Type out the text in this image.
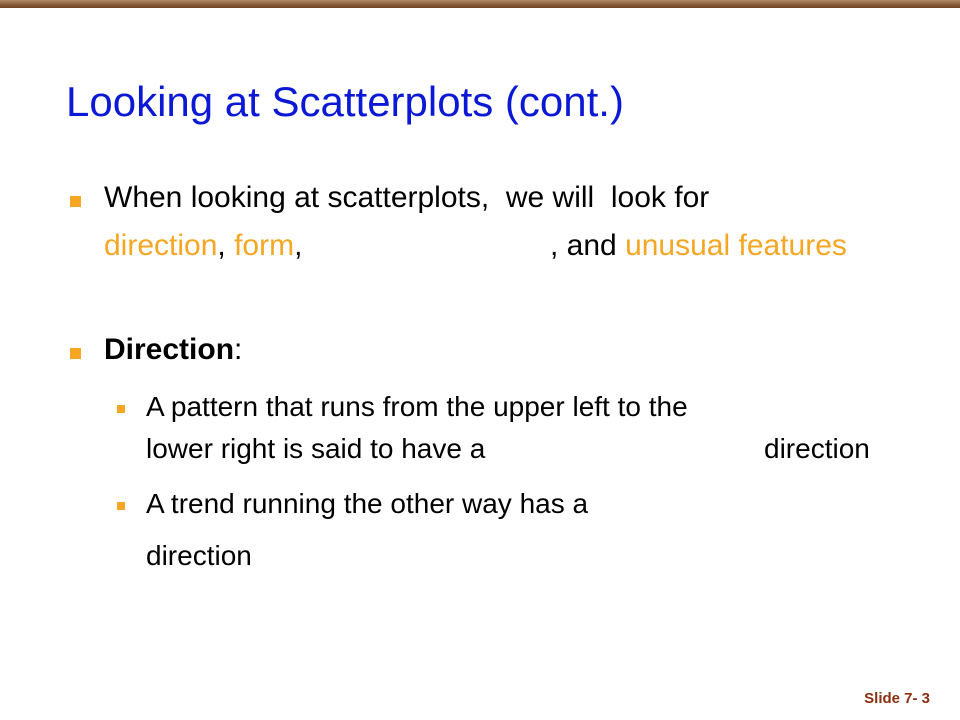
Looking at Scatterplots (cont.)
When looking at scatterplots,  we will  look for
direction, form,	, and unusual features
Direction:
A pattern that runs from the upper left to the
lower right is said to have a	direction
A trend running the other way has a
direction
Slide 7- 3
